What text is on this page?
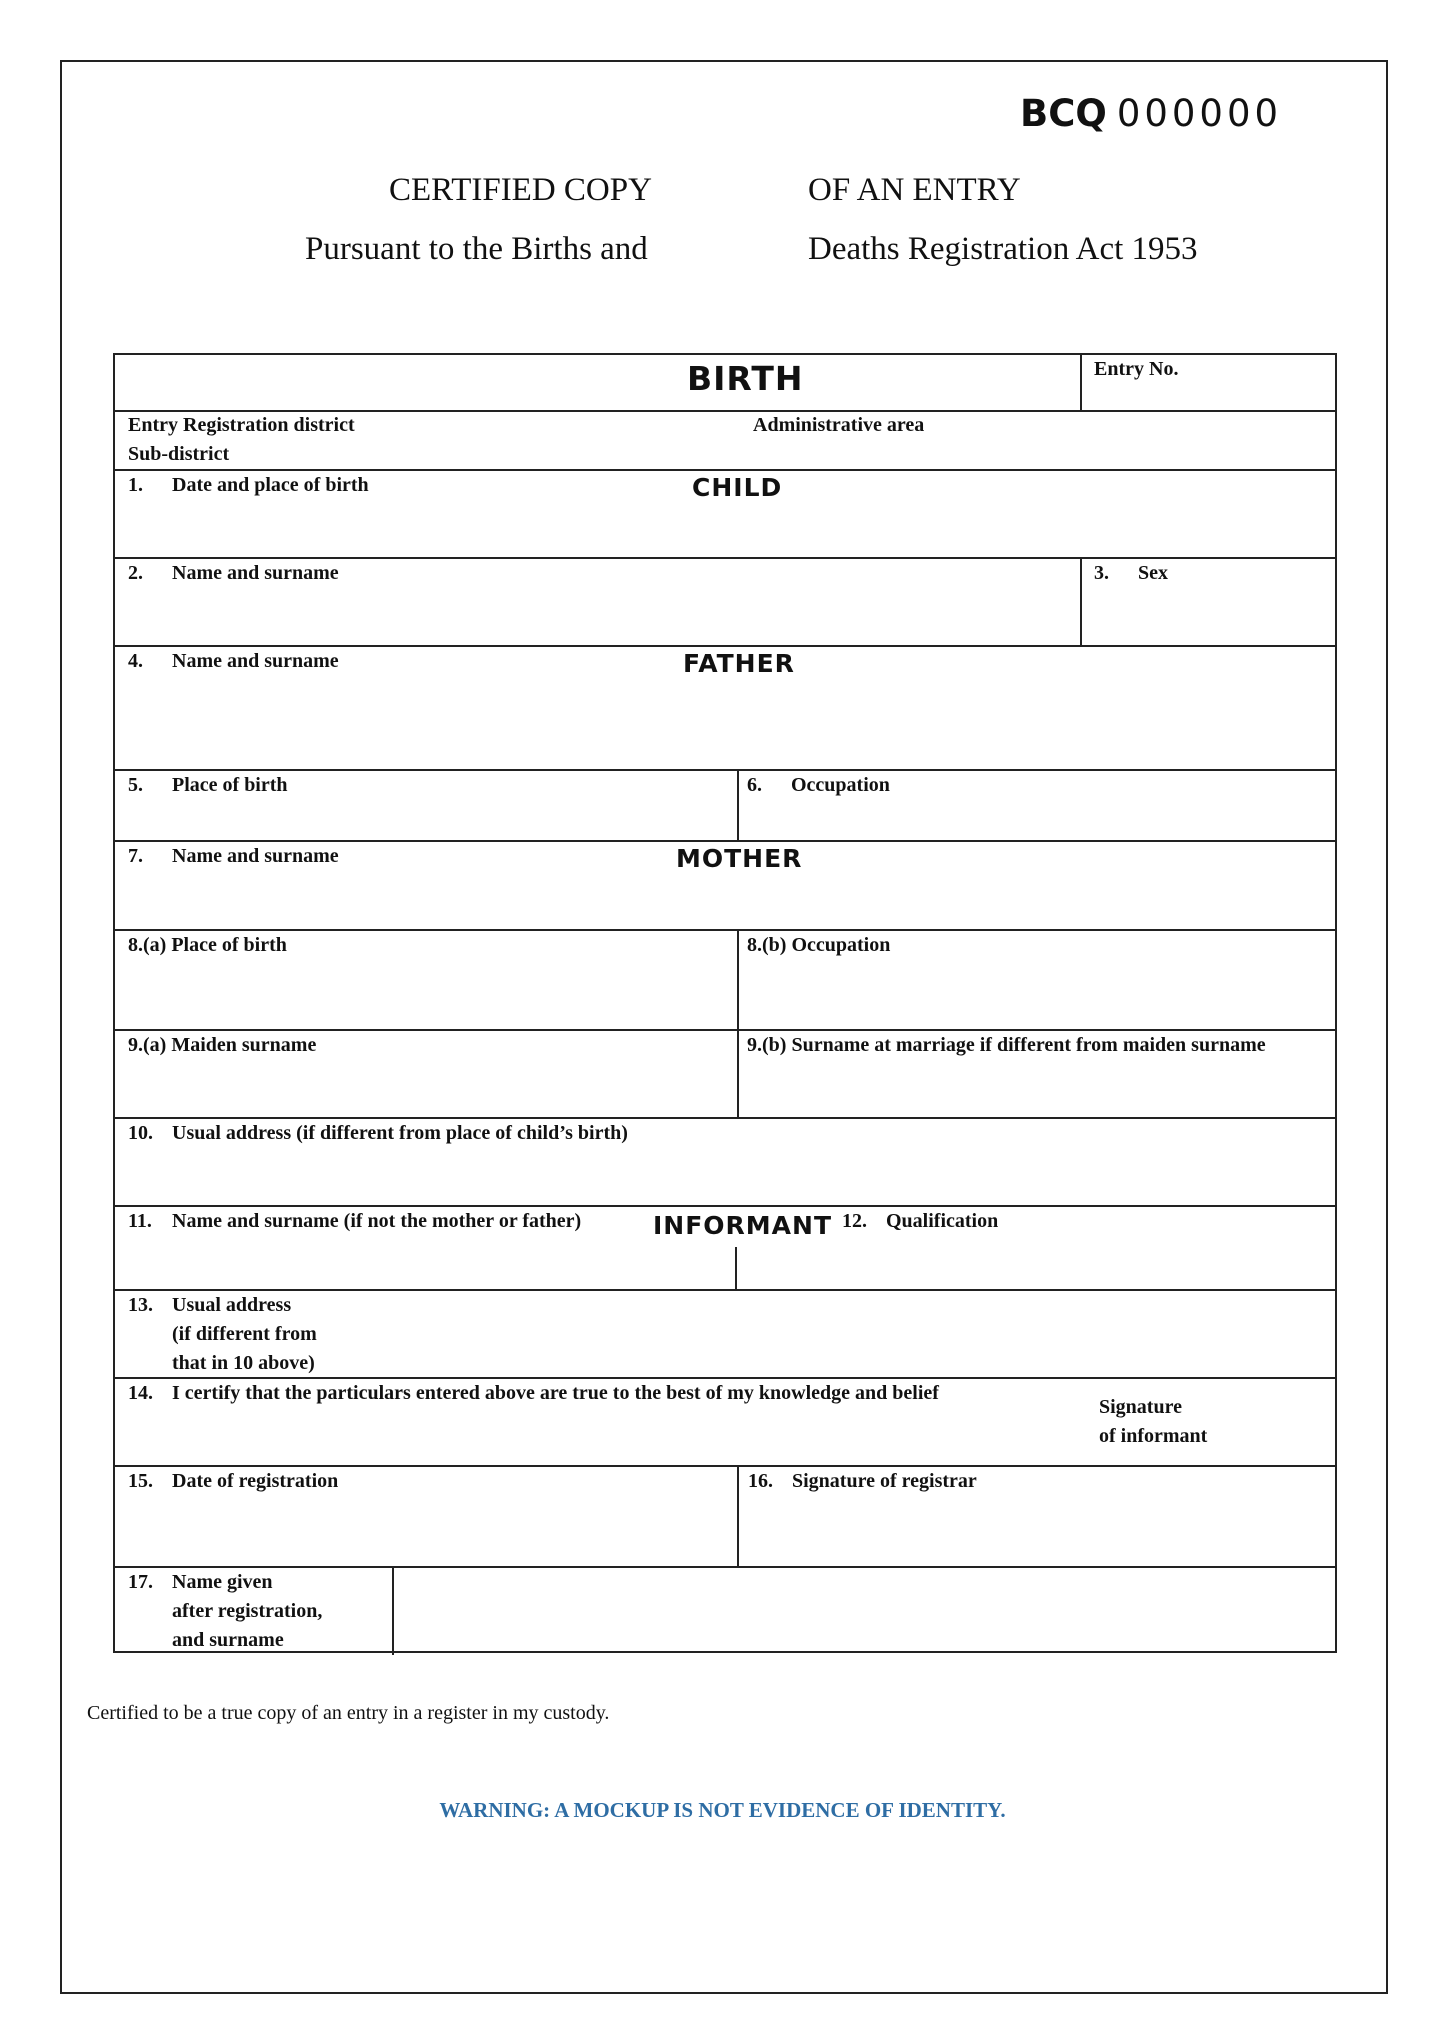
BCQ 000000
CERTIFIED COPY	OF AN ENTRY
Pursuant to the Births and	Deaths Registration Act 1953
BIRTH	Entry No.
Entry Registration district
Sub-district
Administrative area
1. Date and place of birth	CHILD
2. Name and surname	3. Sex
4. Name and surname	FATHER
5. Place of birth	6. Occupation
7. Name and surname	MOTHER
8.(a) Place of birth	8.(b) Occupation
9.(a) Maiden surname	9.(b) Surname at marriage if different from maiden surname
10. Usual address (if different from place of child’s birth)
11. Name and surname (if not the mother or father)	INFORMANT 12. Qualification
13. Usual address
(if different from
that in 10 above)
14. I certify that the particulars entered above are true to the best of my knowledge and belief
Signature
of informant
15. Date of registration	16. Signature of registrar
17. Name given
after registration,
and surname
Certified to be a true copy of an entry in a register in my custody.
WARNING: A MOCKUP IS NOT EVIDENCE OF IDENTITY.
